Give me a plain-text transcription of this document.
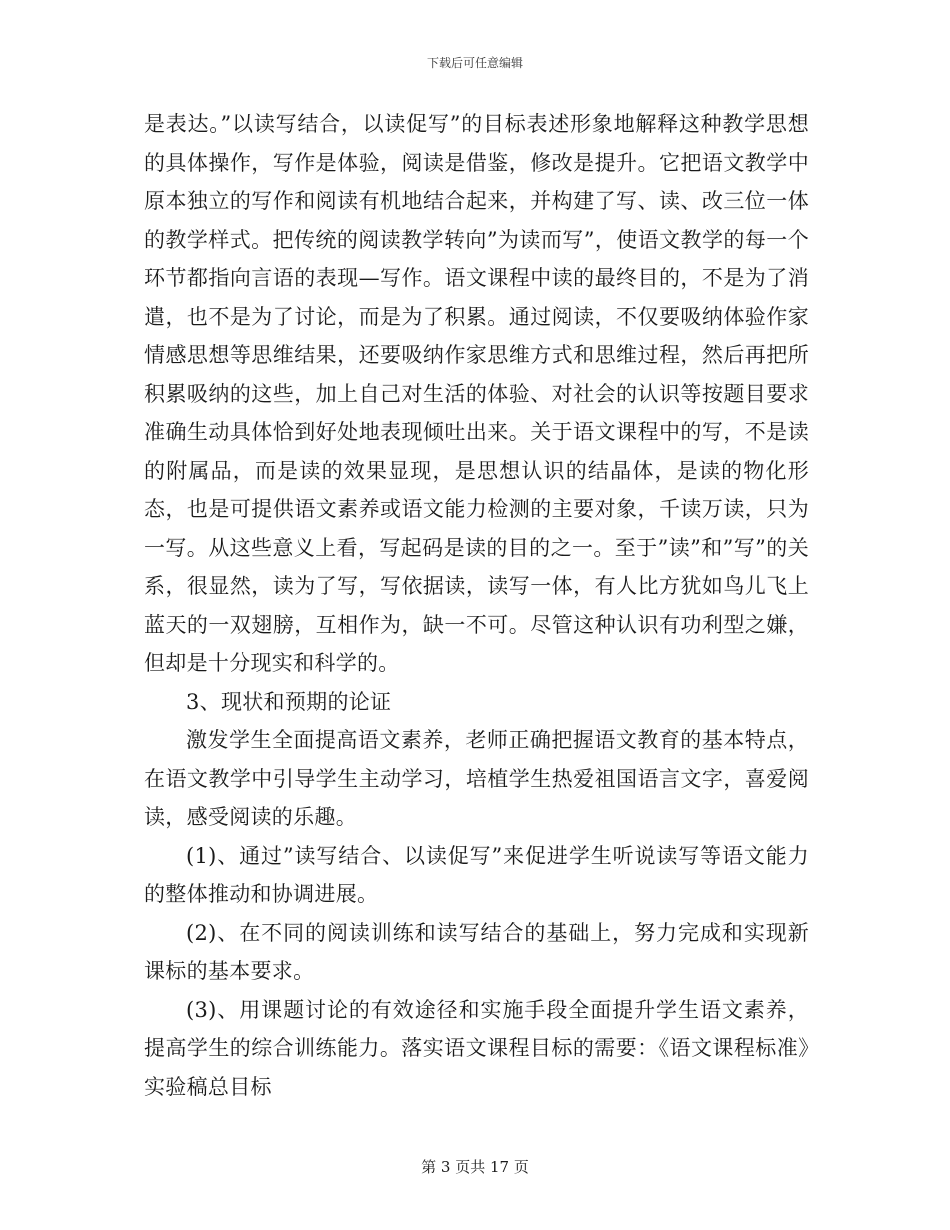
下载后可任意编辑

是表达。”以读写结合，以读促写”的目标表述形象地解释这种教学思想的具体操作，写作是体验，阅读是借鉴，修改是提升。它把语文教学中原本独立的写作和阅读有机地结合起来，并构建了写、读、改三位一体的教学样式。把传统的阅读教学转向”为读而写”，使语文教学的每一个环节都指向言语的表现—写作。语文课程中读的最终目的，不是为了消遣，也不是为了讨论，而是为了积累。通过阅读，不仅要吸纳体验作家情感思想等思维结果，还要吸纳作家思维方式和思维过程，然后再把所积累吸纳的这些，加上自己对生活的体验、对社会的认识等按题目要求准确生动具体恰到好处地表现倾吐出来。关于语文课程中的写，不是读的附属品，而是读的效果显现，是思想认识的结晶体，是读的物化形态，也是可提供语文素养或语文能力检测的主要对象，千读万读，只为一写。从这些意义上看，写起码是读的目的之一。至于”读”和”写”的关系，很显然，读为了写，写依据读，读写一体，有人比方犹如鸟儿飞上蓝天的一双翅膀，互相作为，缺一不可。尽管这种认识有功利型之嫌，但却是十分现实和科学的。

3、现状和预期的论证

激发学生全面提高语文素养，老师正确把握语文教育的基本特点，在语文教学中引导学生主动学习，培植学生热爱祖国语言文字，喜爱阅读，感受阅读的乐趣。

(1)、通过”读写结合、以读促写”来促进学生听说读写等语文能力的整体推动和协调进展。

(2)、在不同的阅读训练和读写结合的基础上，努力完成和实现新课标的基本要求。

(3)、用课题讨论的有效途径和实施手段全面提升学生语文素养，提高学生的综合训练能力。落实语文课程目标的需要：《语文课程标准》实验稿总目标

第 3 页共 17 页
